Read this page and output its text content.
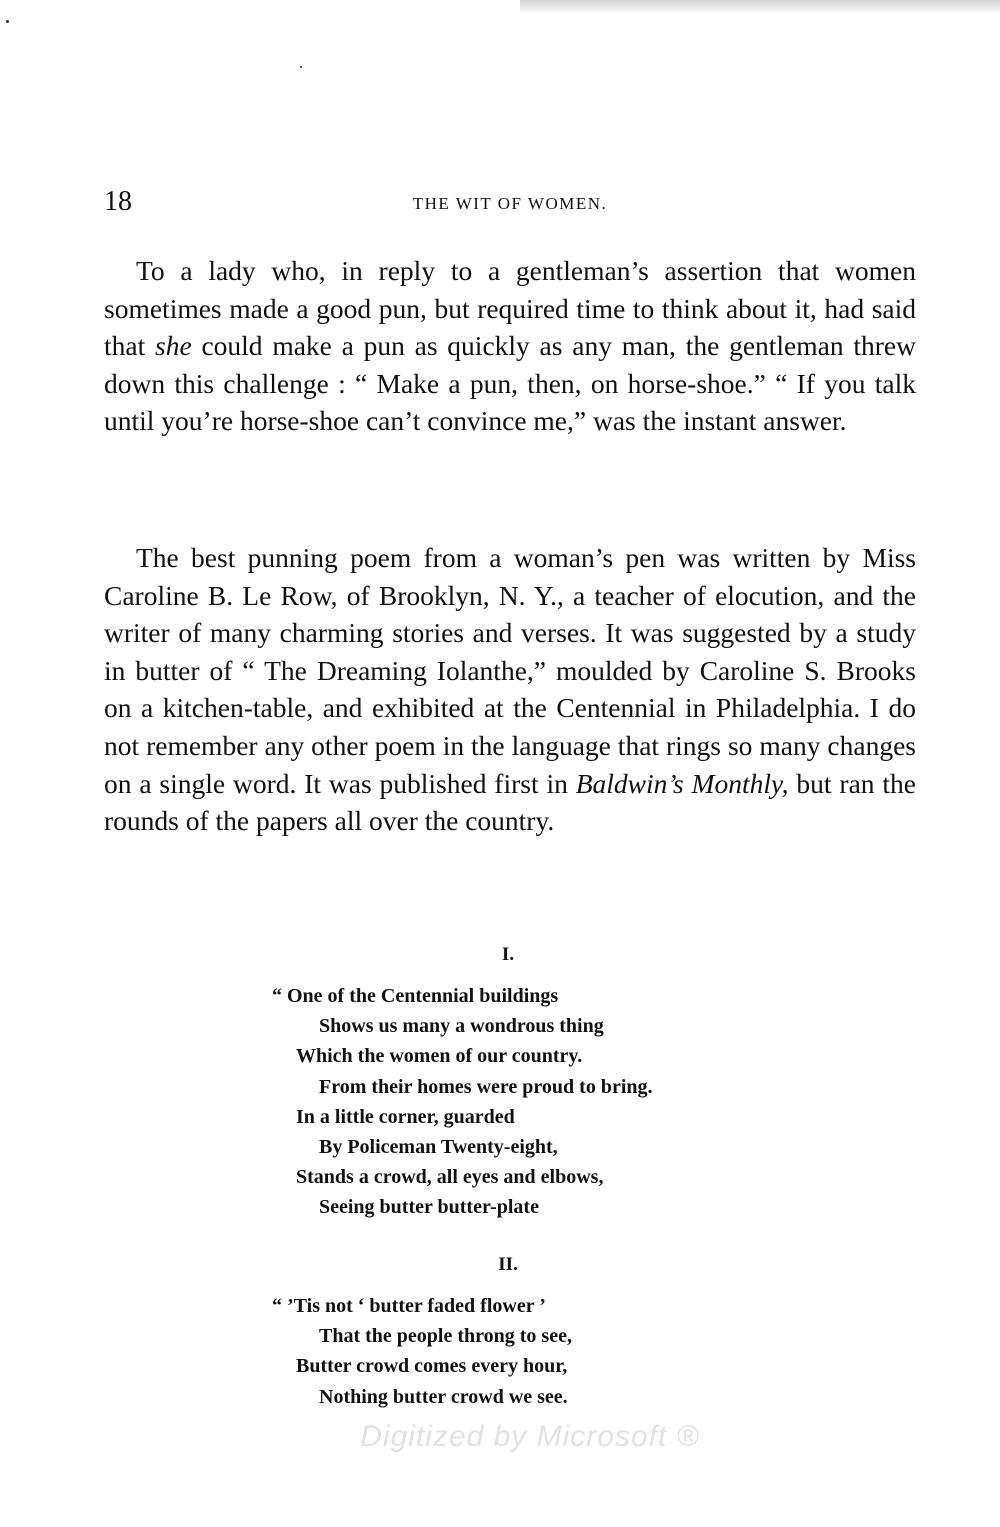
18	THE WIT OF WOMEN.

To a lady who, in reply to a gentleman’s assertion that women sometimes made a good pun, but required time to think about it, had said that she could make a pun as quickly as any man, the gentleman threw down this challenge : “ Make a pun, then, on horse-shoe.” “ If you talk until you’re horse-shoe can’t convince me,” was the instant answer.

The best punning poem from a woman’s pen was written by Miss Caroline B. Le Row, of Brooklyn, N. Y., a teacher of elocution, and the writer of many charming stories and verses. It was suggested by a study in butter of “ The Dreaming Iolanthe,” moulded by Caroline S. Brooks on a kitchen-table, and exhibited at the Centennial in Philadelphia. I do not remember any other poem in the language that rings so many changes on a single word. It was published first in Baldwin’s Monthly, but ran the rounds of the papers all over the country.

I.
“ One of the Centennial buildings
Shows us many a wondrous thing
Which the women of our country.
From their homes were proud to bring.
In a little corner, guarded
By Policeman Twenty-eight,
Stands a crowd, all eyes and elbows,
Seeing butter butter-plate
II.
“ ’Tis not ‘ butter faded flower ’
That the people throng to see,
Butter crowd comes every hour,
Nothing butter crowd we see.
Digitized by Microsoft ®
